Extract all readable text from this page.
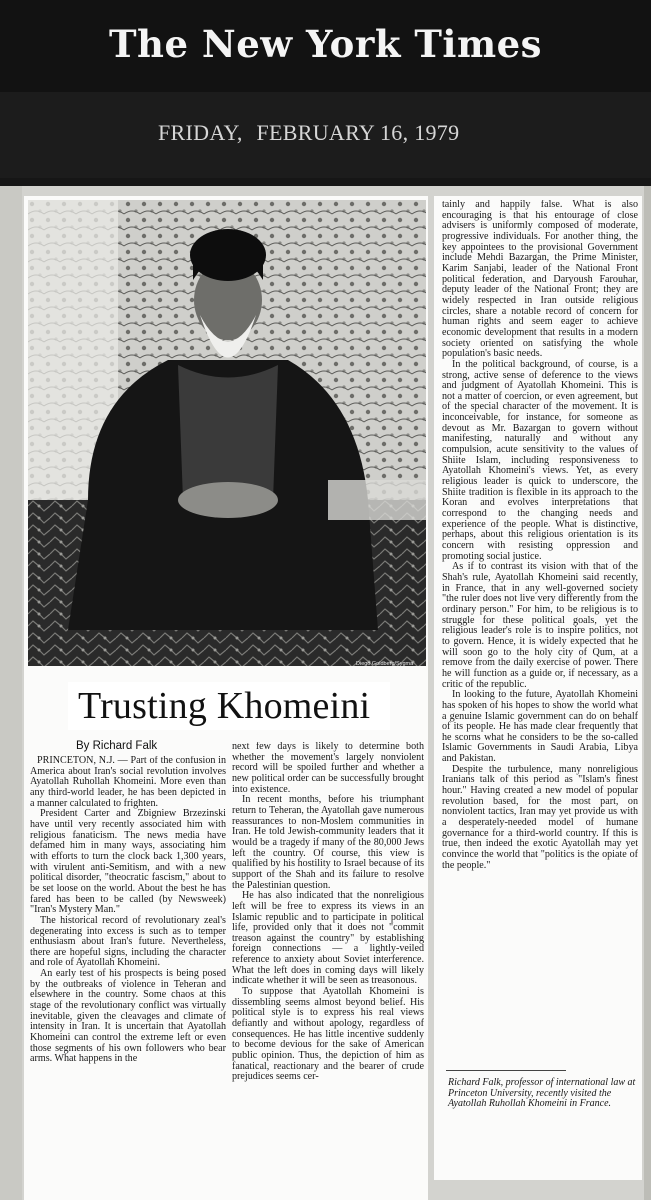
The New York Times
FRIDAY, FEBRUARY 16, 1979
Diego Goldberg/Sygma
Trusting Khomeini
By Richard Falk

PRINCETON, N.J. — Part of the confusion in America about Iran's social revolution involves Ayatollah Ruhollah Khomeini. More even than any third-world leader, he has been depicted in a manner calculated to frighten.

President Carter and Zbigniew Brzezinski have until very recently associated him with religious fanaticism. The news media have defamed him in many ways, associating him with efforts to turn the clock back 1,300 years, with virulent anti-Semitism, and with a new political disorder, "theocratic fascism," about to be set loose on the world. About the best he has fared has been to be called (by Newsweek) "Iran's Mystery Man."

The historical record of revolutionary zeal's degenerating into excess is such as to temper enthusiasm about Iran's future. Nevertheless, there are hopeful signs, including the character and role of Ayatollah Khomeini.

An early test of his prospects is being posed by the outbreaks of violence in Teheran and elsewhere in the country. Some chaos at this stage of the revolutionary conflict was virtually inevitable, given the cleavages and climate of intensity in Iran. It is uncertain that Ayatollah Khomeini can control the extreme left or even those segments of his own followers who bear arms. What happens in the

next few days is likely to determine both whether the movement's largely nonviolent record will be spoiled further and whether a new political order can be successfully brought into existence.

In recent months, before his triumphant return to Teheran, the Ayatollah gave numerous reassurances to non-Moslem communities in Iran. He told Jewish-community leaders that it would be a tragedy if many of the 80,000 Jews left the country. Of course, this view is qualified by his hostility to Israel because of its support of the Shah and its failure to resolve the Palestinian question.

He has also indicated that the nonreligious left will be free to express its views in an Islamic republic and to participate in political life, provided only that it does not "commit treason against the country" by establishing foreign connections — a lightly-veiled reference to anxiety about Soviet interference. What the left does in coming days will likely indicate whether it will be seen as treasonous.

To suppose that Ayatollah Khomeini is dissembling seems almost beyond belief. His political style is to express his real views defiantly and without apology, regardless of consequences. He has little incentive suddenly to become devious for the sake of American public opinion. Thus, the depiction of him as fanatical, reactionary and the bearer of crude prejudices seems cer-

tainly and happily false. What is also encouraging is that his entourage of close advisers is uniformly composed of moderate, progressive individuals. For another thing, the key appointees to the provisional Government include Mehdi Bazargan, the Prime Minister, Karim Sanjabi, leader of the National Front political federation, and Daryoush Farouhar, deputy leader of the National Front; they are widely respected in Iran outside religious circles, share a notable record of concern for human rights and seem eager to achieve economic development that results in a modern society oriented on satisfying the whole population's basic needs.

In the political background, of course, is a strong, active sense of deference to the views and judgment of Ayatollah Khomeini. This is not a matter of coercion, or even agreement, but of the special character of the movement. It is inconceivable, for instance, for someone as devout as Mr. Bazargan to govern without manifesting, naturally and without any compulsion, acute sensitivity to the values of Shiite Islam, including responsiveness to Ayatollah Khomeini's views. Yet, as every religious leader is quick to underscore, the Shiite tradition is flexible in its approach to the Koran and evolves interpretations that correspond to the changing needs and experience of the people. What is distinctive, perhaps, about this religious orientation is its concern with resisting oppression and promoting social justice.

As if to contrast its vision with that of the Shah's rule, Ayatollah Khomeini said recently, in France, that in any well-governed society "the ruler does not live very differently from the ordinary person." For him, to be religious is to struggle for these political goals, yet the religious leader's role is to inspire politics, not to govern. Hence, it is widely expected that he will soon go to the holy city of Qum, at a remove from the daily exercise of power. There he will function as a guide or, if necessary, as a critic of the republic.

In looking to the future, Ayatollah Khomeini has spoken of his hopes to show the world what a genuine Islamic government can do on behalf of its people. He has made clear frequently that he scorns what he considers to be the so-called Islamic Governments in Saudi Arabia, Libya and Pakistan.

Despite the turbulence, many nonreligious Iranians talk of this period as "Islam's finest hour." Having created a new model of popular revolution based, for the most part, on nonviolent tactics, Iran may yet provide us with a desperately-needed model of humane governance for a third-world country. If this is true, then indeed the exotic Ayatollah may yet convince the world that "politics is the opiate of the people."

Richard Falk, professor of international law at Princeton University, recently visited the Ayatollah Ruhollah Khomeini in France.
